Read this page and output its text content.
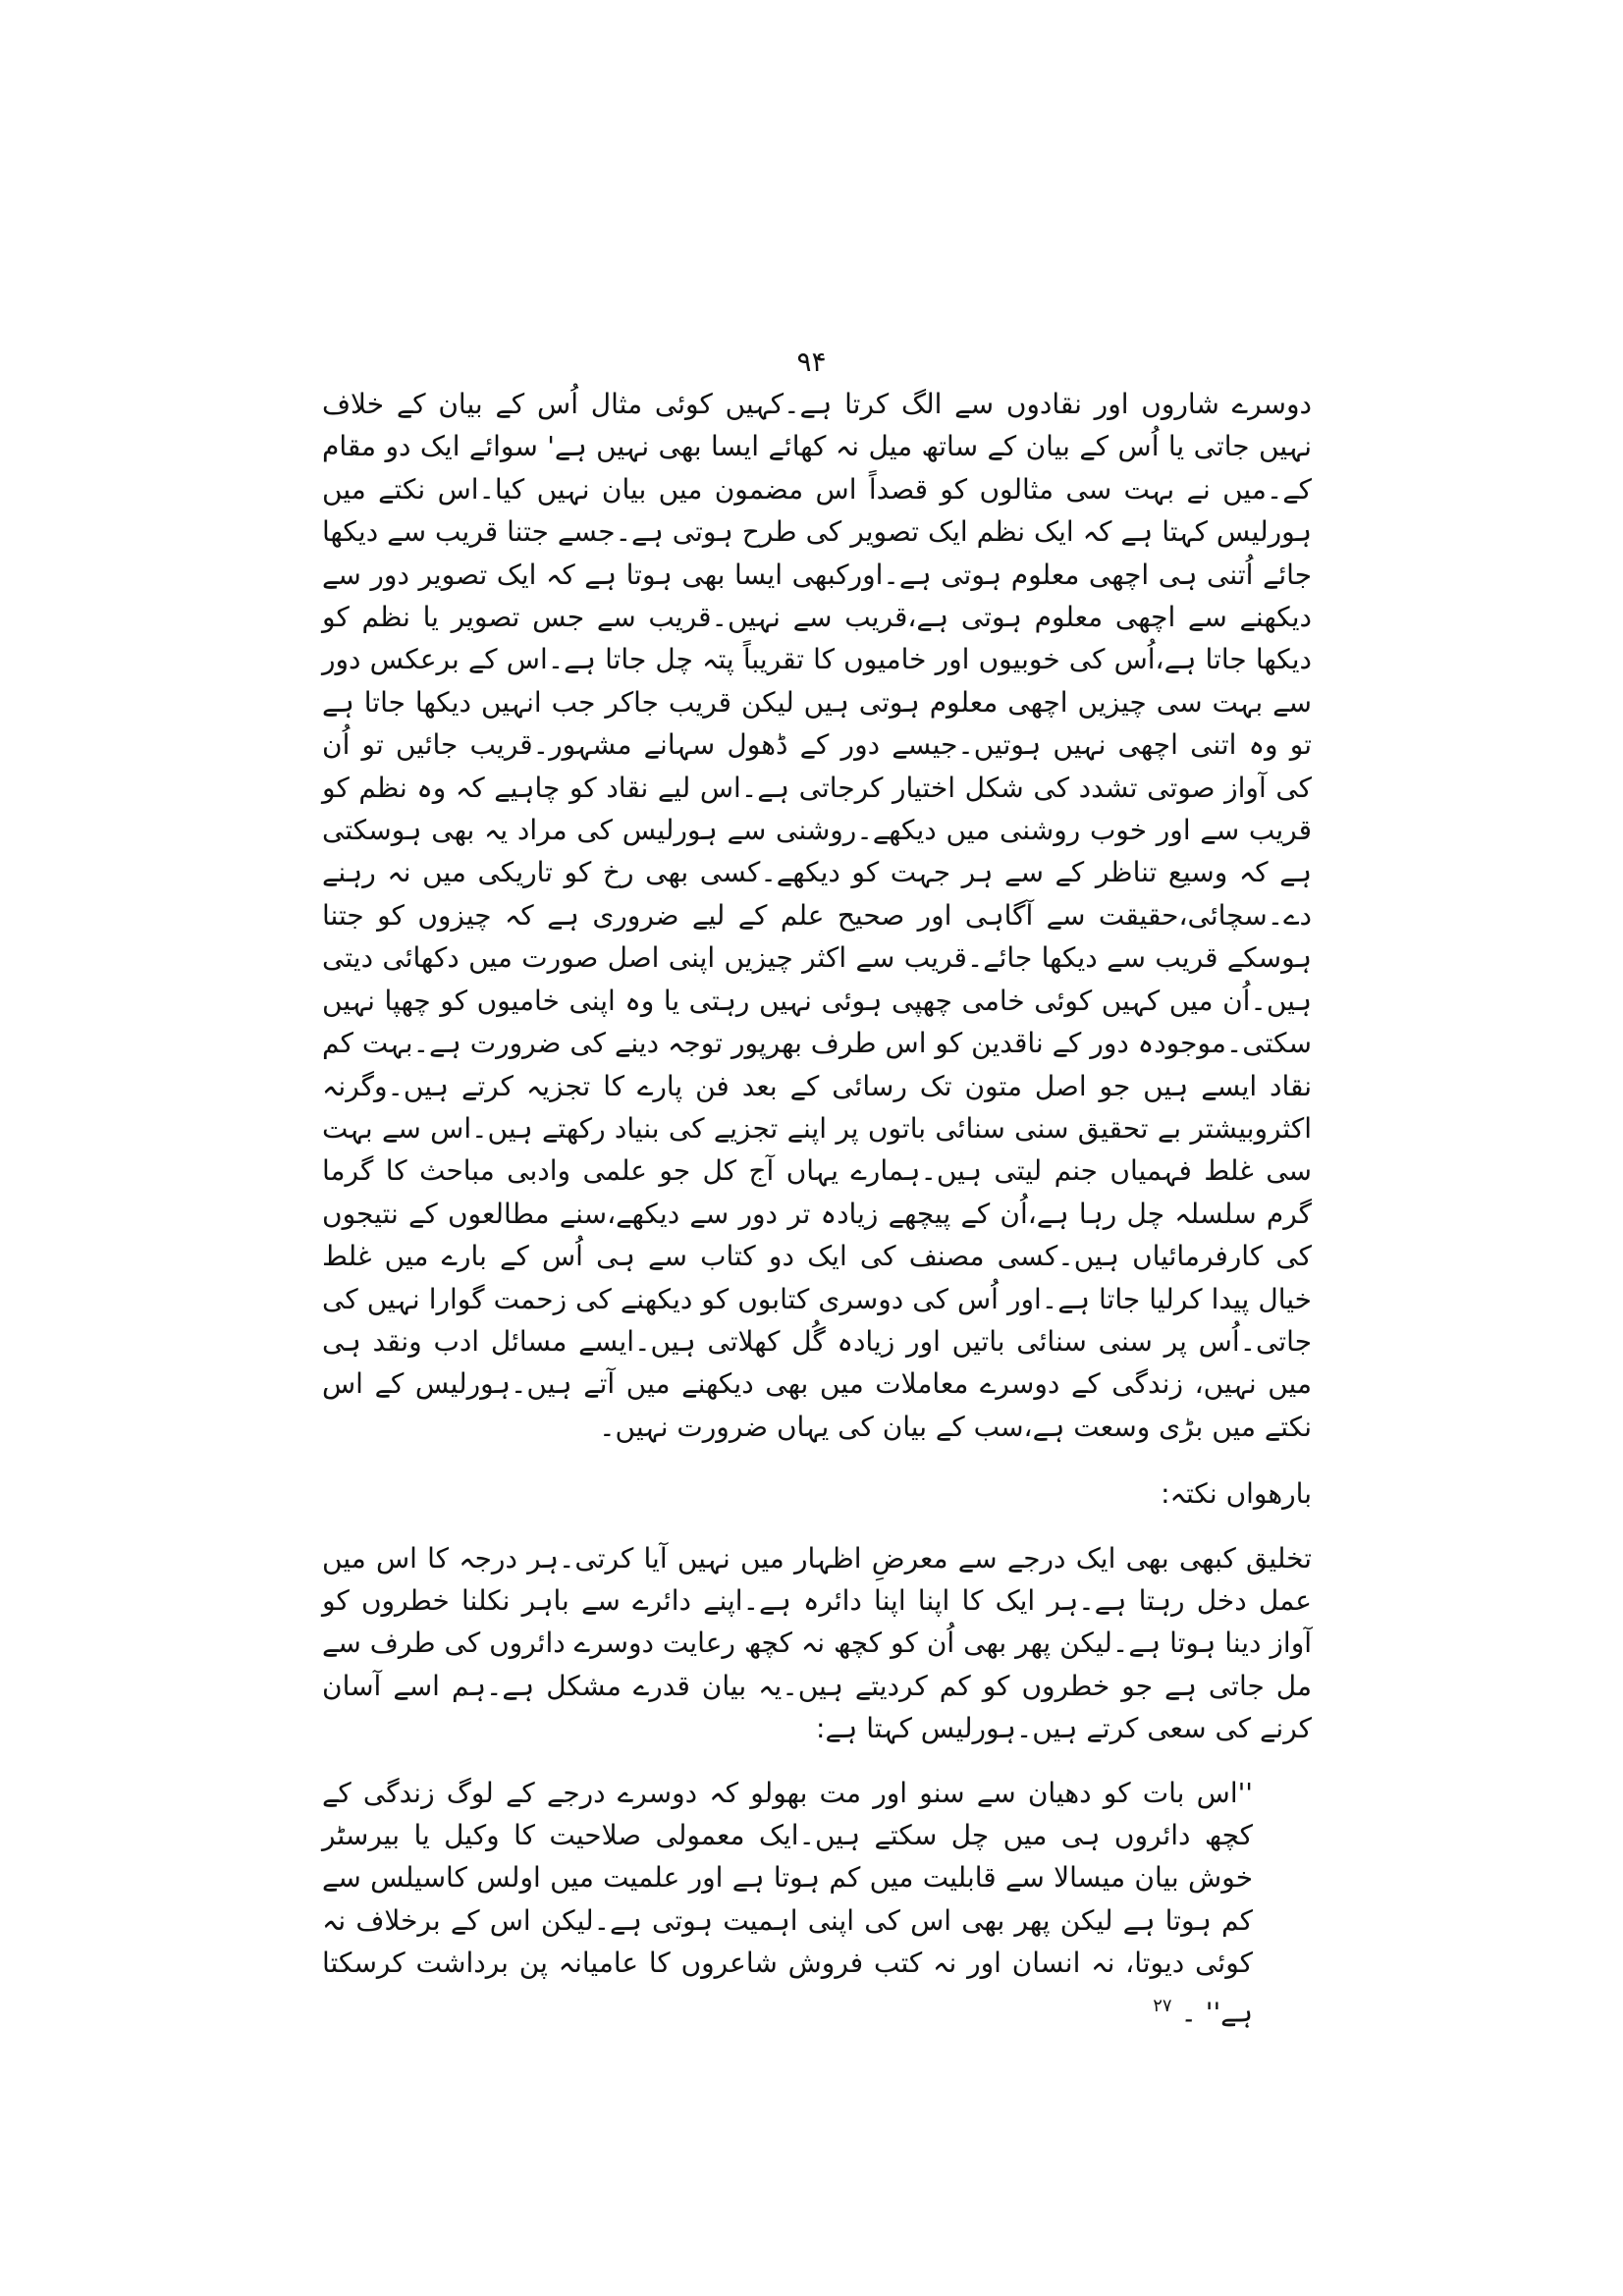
۹۴

دوسرے شاروں اور نقادوں سے الگ کرتا ہے۔کہیں کوئی مثال اُس کے بیان کے خلاف نہیں جاتی یا اُس کے بیان کے ساتھ میل نہ کھائے ایسا بھی نہیں ہے' سوائے ایک دو مقام کے۔میں نے بہت سی مثالوں کو قصداً اس مضمون میں بیان نہیں کیا۔اس نکتے میں ہورلیس کہتا ہے کہ ایک نظم ایک تصویر کی طرح ہوتی ہے۔جسے جتنا قریب سے دیکھا جائے اُتنی ہی اچھی معلوم ہوتی ہے۔اورکبھی ایسا بھی ہوتا ہے کہ ایک تصویر دور سے دیکھنے سے اچھی معلوم ہوتی ہے،قریب سے نہیں۔قریب سے جس تصویر یا نظم کو دیکھا جاتا ہے،اُس کی خوبیوں اور خامیوں کا تقریباً پتہ چل جاتا ہے۔اس کے برعکس دور سے بہت سی چیزیں اچھی معلوم ہوتی ہیں لیکن قریب جاکر جب انہیں دیکھا جاتا ہے تو وہ اتنی اچھی نہیں ہوتیں۔جیسے دور کے ڈھول سہانے مشہور۔قریب جائیں تو اُن کی آواز صوتی تشدد کی شکل اختیار کرجاتی ہے۔اس لیے نقاد کو چاہیے کہ وہ نظم کو قریب سے اور خوب روشنی میں دیکھے۔روشنی سے ہورلیس کی مراد یہ بھی ہوسکتی ہے کہ وسیع تناظر کے سے ہر جہت کو دیکھے۔کسی بھی رخ کو تاریکی میں نہ رہنے دے۔سچائی،حقیقت سے آگاہی اور صحیح علم کے لیے ضروری ہے کہ چیزوں کو جتنا ہوسکے قریب سے دیکھا جائے۔قریب سے اکثر چیزیں اپنی اصل صورت میں دکھائی دیتی ہیں۔اُن میں کہیں کوئی خامی چھپی ہوئی نہیں رہتی یا وہ اپنی خامیوں کو چھپا نہیں سکتی۔موجودہ دور کے ناقدین کو اس طرف بھرپور توجہ دینے کی ضرورت ہے۔بہت کم نقاد ایسے ہیں جو اصل متون تک رسائی کے بعد فن پارے کا تجزیہ کرتے ہیں۔وگرنہ اکثروبیشتر بے تحقیق سنی سنائی باتوں پر اپنے تجزیے کی بنیاد رکھتے ہیں۔اس سے بہت سی غلط فہمیاں جنم لیتی ہیں۔ہمارے یہاں آج کل جو علمی وادبی مباحث کا گرما گرم سلسلہ چل رہا ہے،اُن کے پیچھے زیادہ تر دور سے دیکھے،سنے مطالعوں کے نتیجوں کی کارفرمائیاں ہیں۔کسی مصنف کی ایک دو کتاب سے ہی اُس کے بارے میں غلط خیال پیدا کرلیا جاتا ہے۔اور اُس کی دوسری کتابوں کو دیکھنے کی زحمت گوارا نہیں کی جاتی۔اُس پر سنی سنائی باتیں اور زیادہ گُل کھلاتی ہیں۔ایسے مسائل ادب ونقد ہی میں نہیں، زندگی کے دوسرے معاملات میں بھی دیکھنے میں آتے ہیں۔ہورلیس کے اس نکتے میں بڑی وسعت ہے،سب کے بیان کی یہاں ضرورت نہیں۔

بارھواں نکتہ:

تخلیق کبھی بھی ایک درجے سے معرضِ اظہار میں نہیں آیا کرتی۔ہر درجہ کا اس میں عمل دخل رہتا ہے۔ہر ایک کا اپنا اپنا دائرہ ہے۔اپنے دائرے سے باہر نکلنا خطروں کو آواز دینا ہوتا ہے۔لیکن پھر بھی اُن کو کچھ نہ کچھ رعایت دوسرے دائروں کی طرف سے مل جاتی ہے جو خطروں کو کم کردیتے ہیں۔یہ بیان قدرے مشکل ہے۔ہم اسے آسان کرنے کی سعی کرتے ہیں۔ہورلیس کہتا ہے:

''اس بات کو دھیان سے سنو اور مت بھولو کہ دوسرے درجے کے لوگ زندگی کے کچھ دائروں ہی میں چل سکتے ہیں۔ایک معمولی صلاحیت کا وکیل یا بیرسٹر خوش بیان میسالا سے قابلیت میں کم ہوتا ہے اور علمیت میں اولس کاسیلس سے کم ہوتا ہے لیکن پھر بھی اس کی اپنی اہمیت ہوتی ہے۔لیکن اس کے برخلاف نہ کوئی دیوتا، نہ انسان اور نہ کتب فروش شاعروں کا عامیانہ پن برداشت کرسکتا ہے'' ۔ $^{۲۷}$
